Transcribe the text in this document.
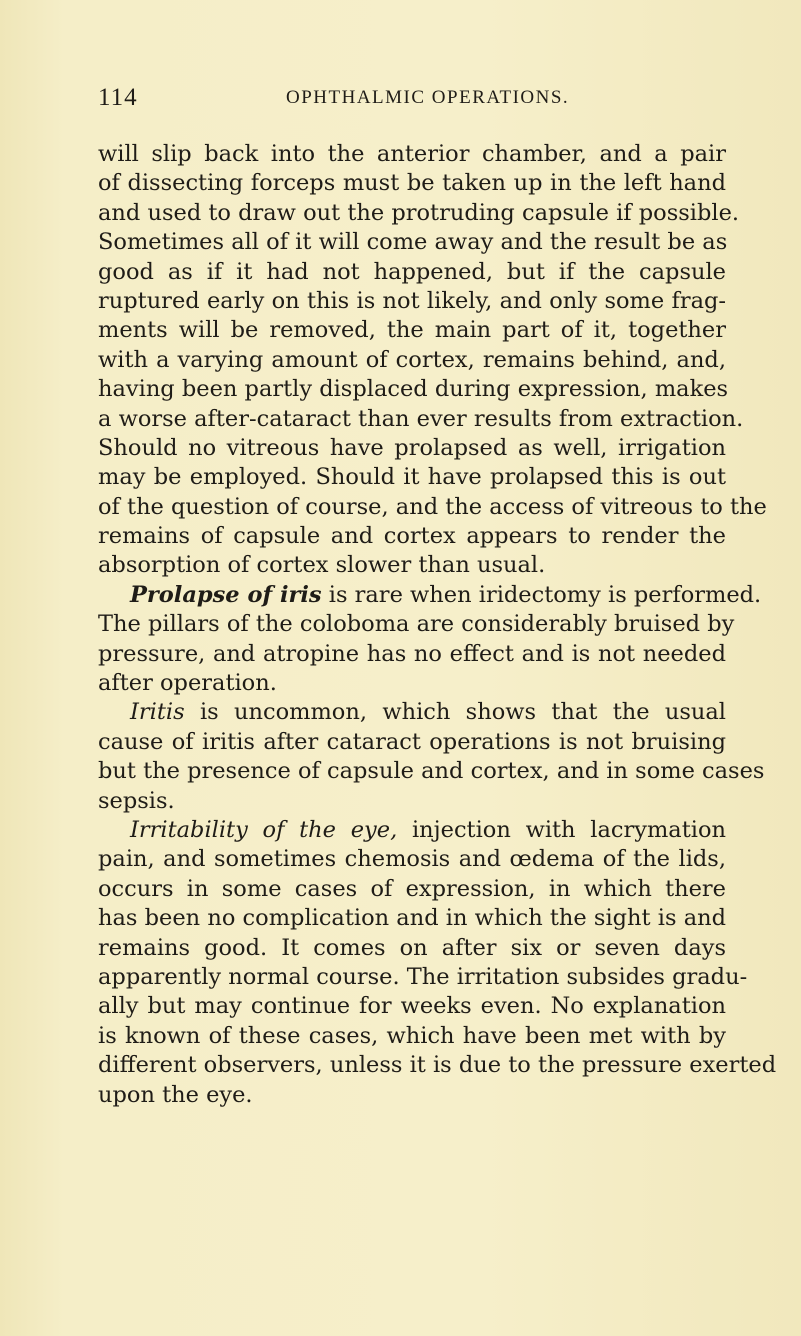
114	OPHTHALMIC OPERATIONS.
will slip back into the anterior chamber, and a pair
of dissecting forceps must be taken up in the left hand
and used to draw out the protruding capsule if possible.
Sometimes all of it will come away and the result be as
good as if it had not happened, but if the capsule
ruptured early on this is not likely, and only some frag-
ments will be removed, the main part of it, together
with a varying amount of cortex, remains behind, and,
having been partly displaced during expression, makes
a worse after-cataract than ever results from extraction.
Should no vitreous have prolapsed as well, irrigation
may be employed. Should it have prolapsed this is out
of the question of course, and the access of vitreous to the
remains of capsule and cortex appears to render the
absorption of cortex slower than usual.
Prolapse of iris is rare when iridectomy is performed.
The pillars of the coloboma are considerably bruised by
pressure, and atropine has no effect and is not needed
after operation.
Iritis is uncommon, which shows that the usual
cause of iritis after cataract operations is not bruising
but the presence of capsule and cortex, and in some cases
sepsis.
Irritability of the eye, injection with lacrymation
pain, and sometimes chemosis and œdema of the lids,
occurs in some cases of expression, in which there
has been no complication and in which the sight is and
remains good. It comes on after six or seven days
apparently normal course. The irritation subsides gradu-
ally but may continue for weeks even. No explanation
is known of these cases, which have been met with by
different observers, unless it is due to the pressure exerted
upon the eye.
